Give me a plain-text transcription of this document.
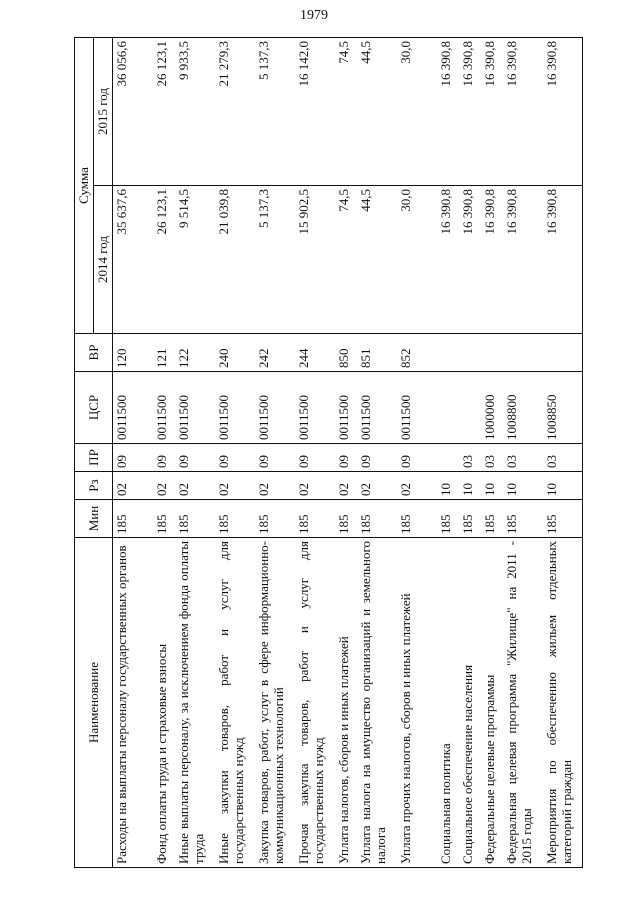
1979
Наименование	Мин	Рз	ПР	ЦСР	ВР	Сумма	
						2014 год	2015 год
Расходы на выплаты персоналу государственных органов	185	02	09	0011500	120	35 637,6	36 056,6
Фонд оплаты труда и страховые взносы	185	02	09	0011500	121	26 123,1	26 123,1
Иные выплаты персоналу, за исключением фонда оплаты труда	185	02	09	0011500	122	9 514,5	9 933,5
Иные закупки товаров, работ и услуг для государственных нужд	185	02	09	0011500	240	21 039,8	21 279,3
Закупка товаров, работ, услуг в сфере информационно-коммуникационных технологий	185	02	09	0011500	242	5 137,3	5 137,3
Прочая закупка товаров, работ и услуг для государственных нужд	185	02	09	0011500	244	15 902,5	16 142,0
Уплата налогов, сборов и иных платежей	185	02	09	0011500	850	74,5	74,5
Уплата налога на имущество организаций и земельного налога	185	02	09	0011500	851	44,5	44,5
Уплата прочих налогов, сборов и иных платежей	185	02	09	0011500	852	30,0	30,0
Социальная политика	185	10				16 390,8	16 390,8
Социальное обеспечение населения	185	10	03			16 390,8	16 390,8
Федеральные целевые программы	185	10	03	1000000		16 390,8	16 390,8
Федеральная целевая программа "Жилище" на 2011 - 2015 годы	185	10	03	1008800		16 390,8	16 390,8
Мероприятия по обеспечению жильем отдельных категорий граждан	185	10	03	1008850		16 390,8	16 390,8
